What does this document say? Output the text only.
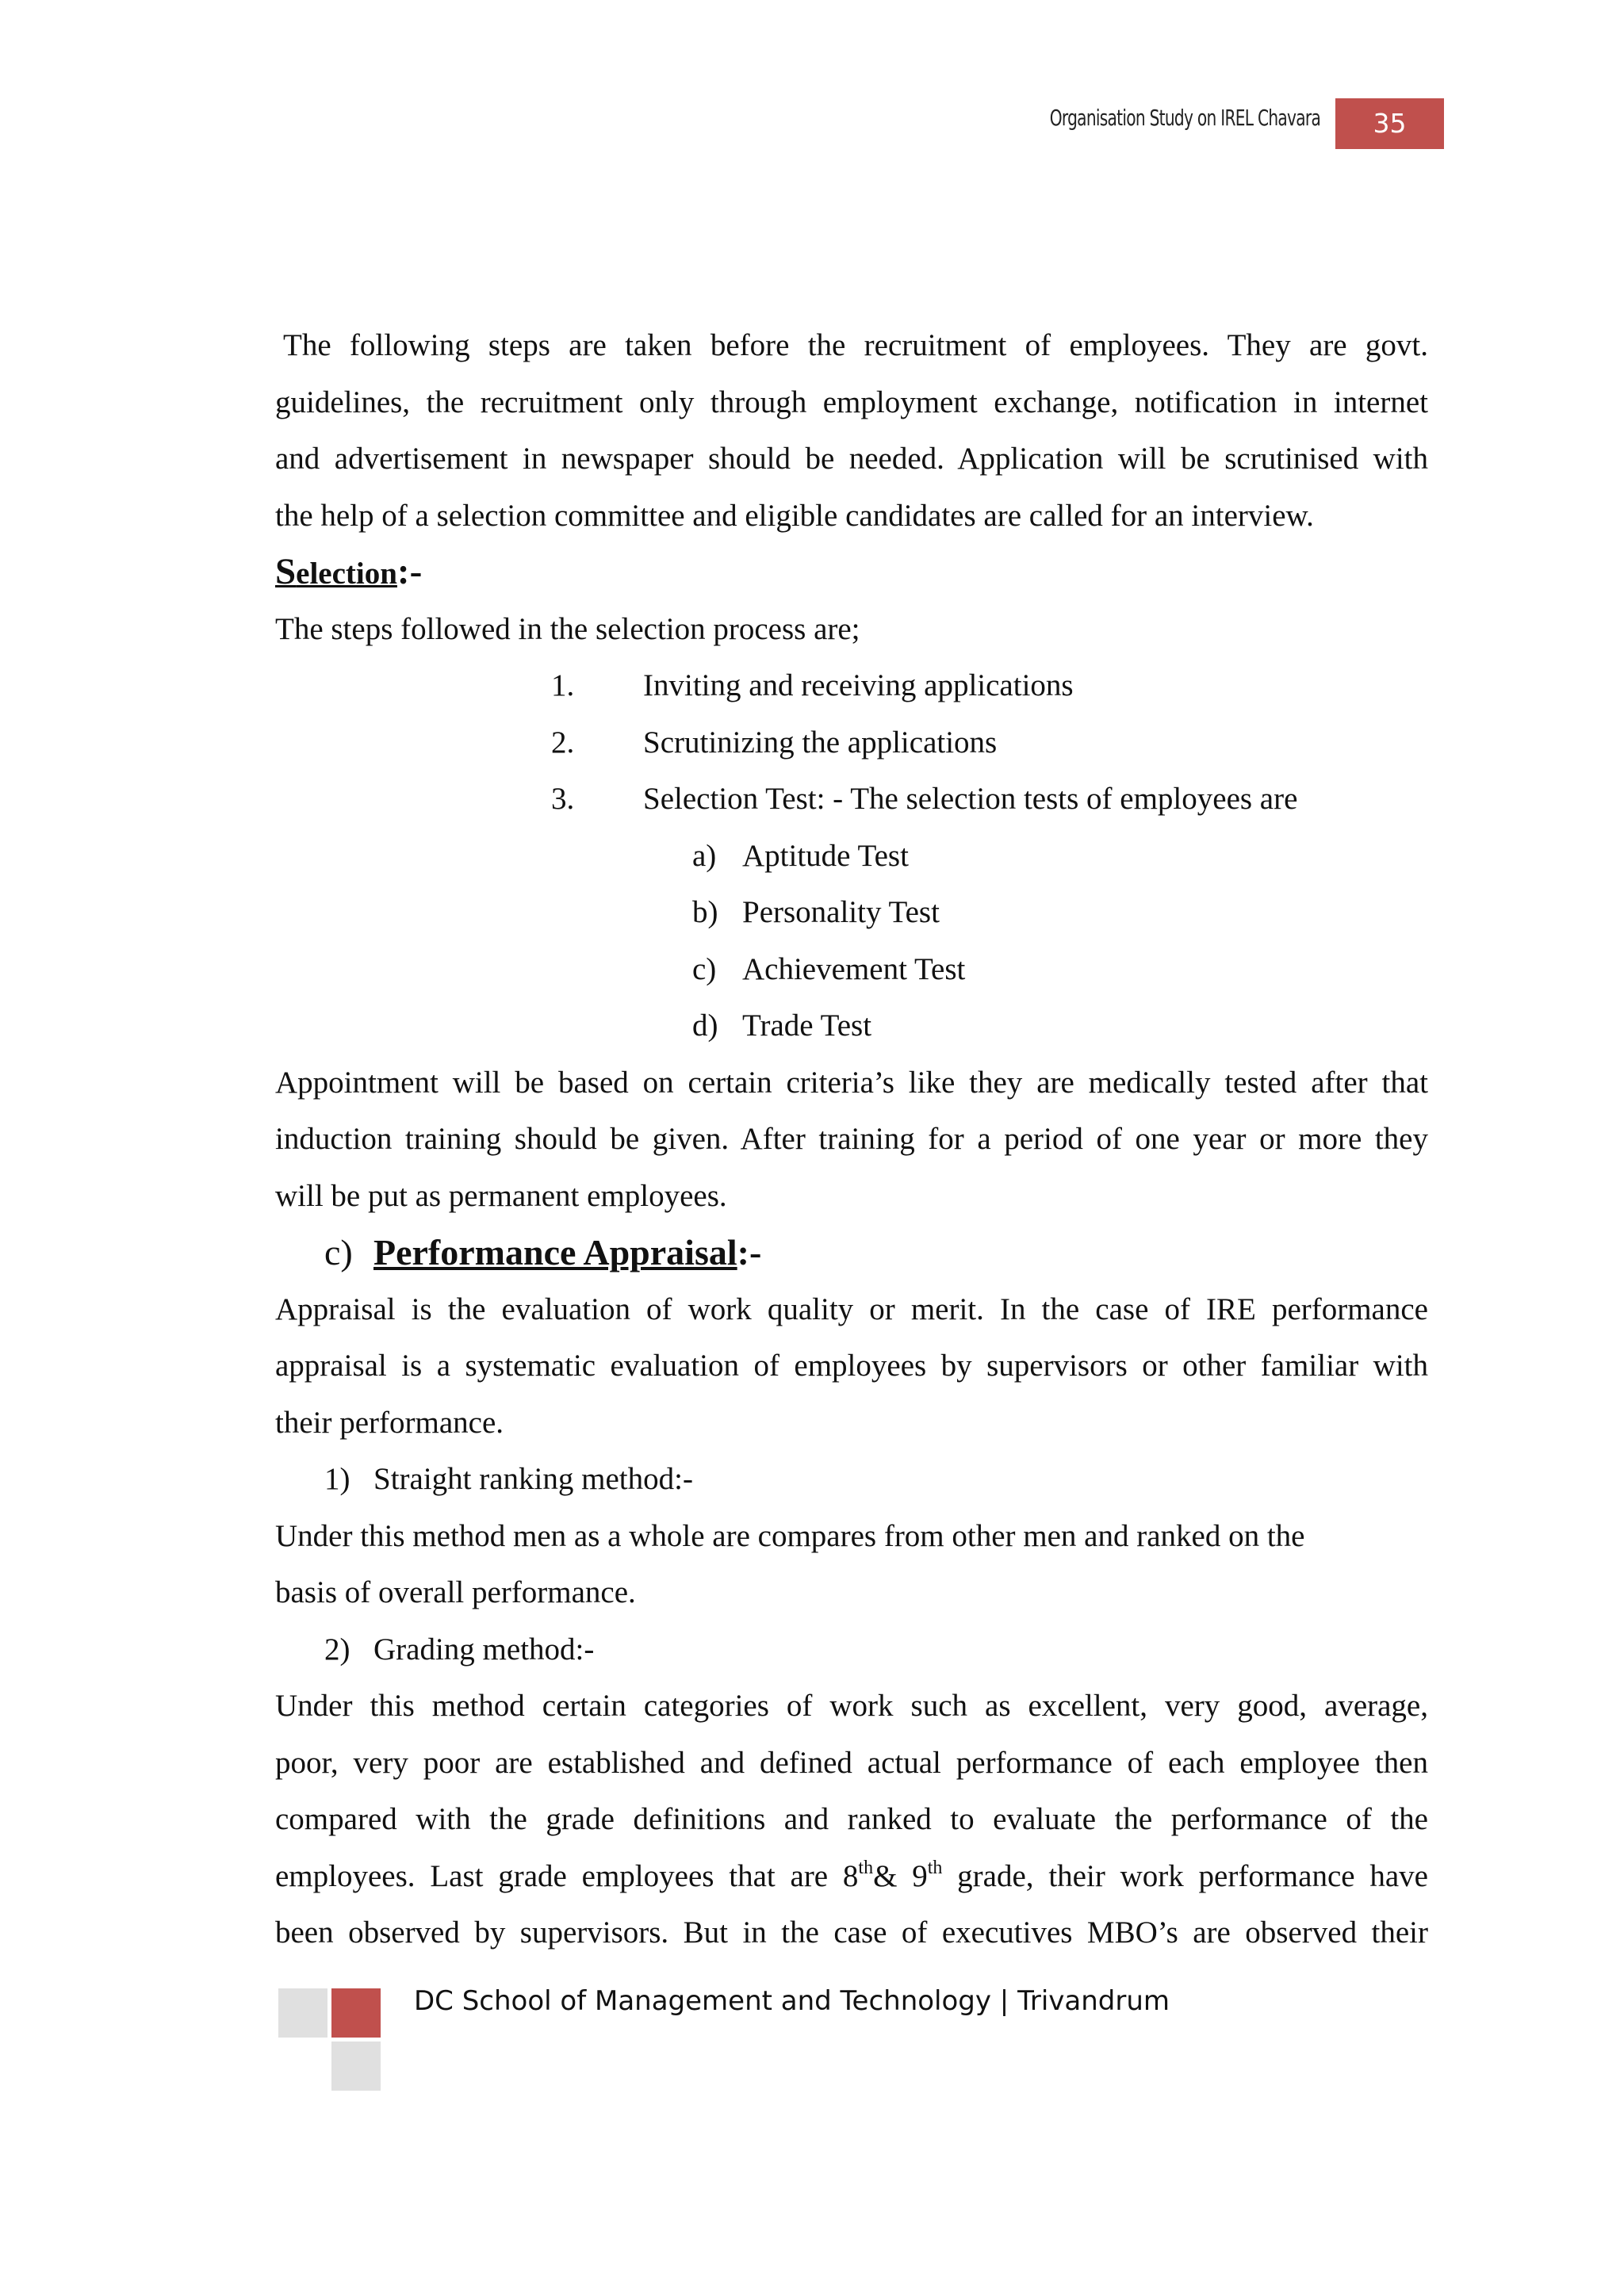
Organisation Study on IREL Chavara	35
The following steps are taken before the recruitment of employees. They are govt.
guidelines, the recruitment only through employment exchange, notification in internet
and advertisement in newspaper should be needed. Application will be scrutinised with
the help of a selection committee and eligible candidates are called for an interview.
Selection:-
The steps followed in the selection process are;
1. Inviting and receiving applications
2. Scrutinizing the applications
3. Selection Test: - The selection tests of employees are
a) Aptitude Test
b) Personality Test
c) Achievement Test
d) Trade Test
Appointment will be based on certain criteria’s like they are medically tested after that
induction training should be given. After training for a period of one year or more they
will be put as permanent employees.
c) Performance Appraisal:-
Appraisal is the evaluation of work quality or merit. In the case of IRE performance
appraisal is a systematic evaluation of employees by supervisors or other familiar with
their performance.
1) Straight ranking method:-
Under this method men as a whole are compares from other men and ranked on the
basis of overall performance.
2) Grading method:-
Under this method certain categories of work such as excellent, very good, average,
poor, very poor are established and defined actual performance of each employee then
compared with the grade definitions and ranked to evaluate the performance of the
employees. Last grade employees that are 8th& 9th grade, their work performance have
been observed by supervisors. But in the case of executives MBO’s are observed their
DC School of Management and Technology | Trivandrum
